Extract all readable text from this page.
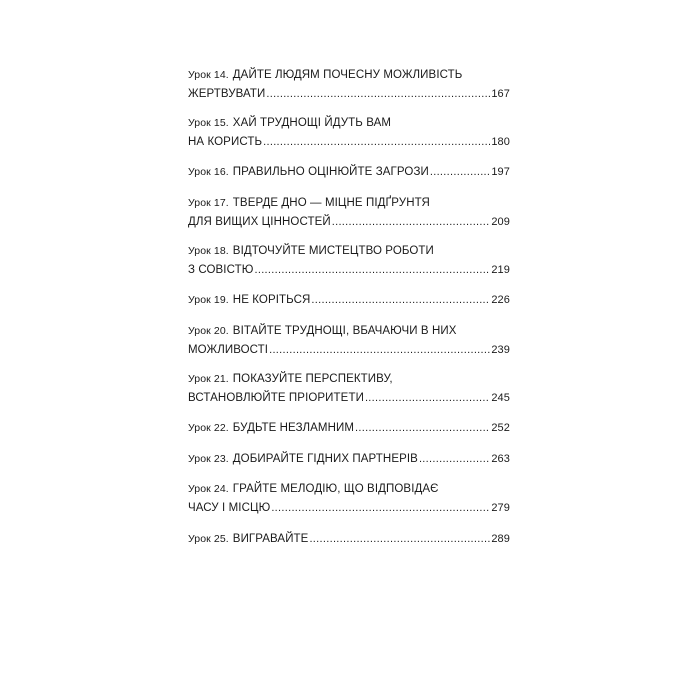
Урок 14. ДАЙТЕ ЛЮДЯМ ПОЧЕСНУ МОЖЛИВІСТЬ
ЖЕРТВУВАТИ .....	167
Урок 15. ХАЙ ТРУДНОЩІ ЙДУТЬ ВАМ
НА КОРИСТЬ .....	180
Урок 16. ПРАВИЛЬНО ОЦІНЮЙТЕ ЗАГРОЗИ .....	197
Урок 17. ТВЕРДЕ ДНО — МІЦНЕ ПІДҐРУНТЯ
ДЛЯ ВИЩИХ ЦІННОСТЕЙ .....	209
Урок 18. ВІДТОЧУЙТЕ МИСТЕЦТВО РОБОТИ
З СОВІСТЮ .....	219
Урок 19. НЕ КОРІТЬСЯ .....	226
Урок 20. ВІТАЙТЕ ТРУДНОЩІ, ВБАЧАЮЧИ В НИХ
МОЖЛИВОСТІ .....	239
Урок 21. ПОКАЗУЙТЕ ПЕРСПЕКТИВУ,
ВСТАНОВЛЮЙТЕ ПРІОРИТЕТИ .....	245
Урок 22. БУДЬТЕ НЕЗЛАМНИМ .....	252
Урок 23. ДОБИРАЙТЕ ГІДНИХ ПАРТНЕРІВ .....	263
Урок 24. ГРАЙТЕ МЕЛОДІЮ, ЩО ВІДПОВІДАЄ
ЧАСУ І МІСЦЮ .....	279
Урок 25. ВИГРАВАЙТЕ .....	289
